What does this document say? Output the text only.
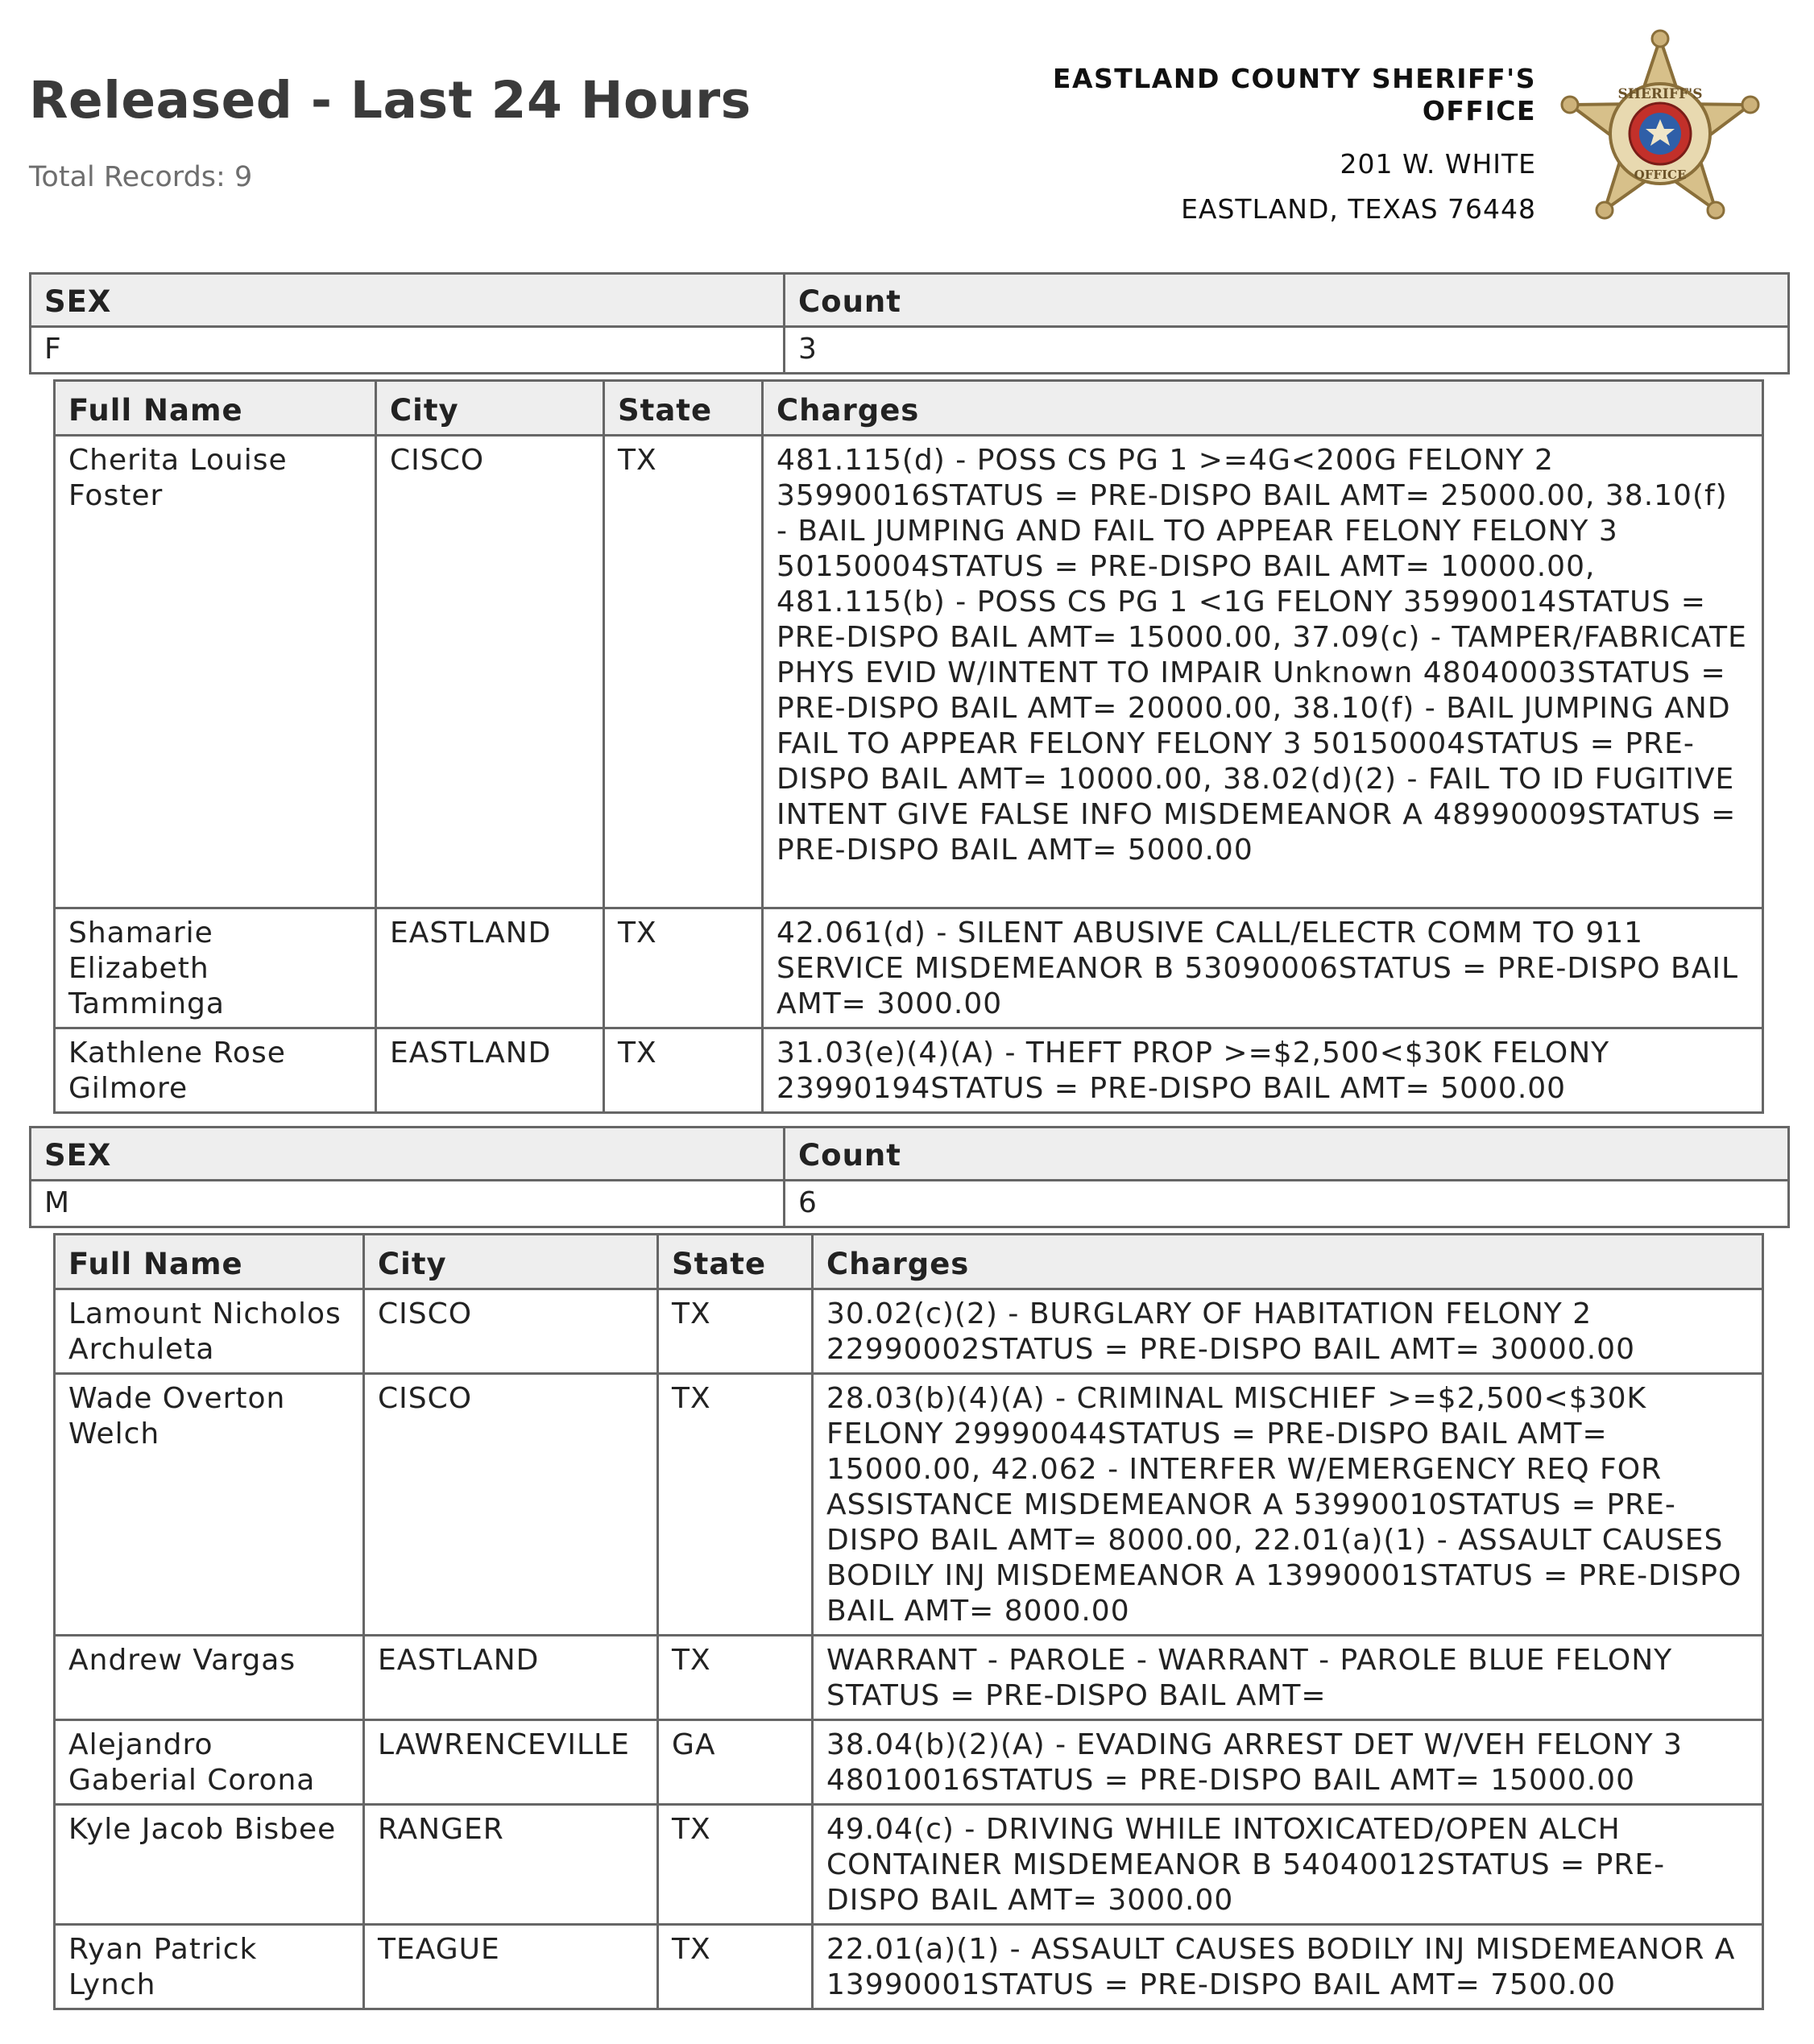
Released - Last 24 Hours
Total Records: 9
EASTLAND COUNTY SHERIFF'S
OFFICE
201 W. WHITE
EASTLAND, TEXAS 76448
SHERIFF'S
OFFICE
SEX	Count
F	3
Full Name	City	State	Charges
Cherita Louise Foster	CISCO	TX	481.115(d) - POSS CS PG 1 >=4G<200G FELONY 2 35990016STATUS = PRE-DISPO BAIL AMT= 25000.00, 38.10(f) - BAIL JUMPING AND FAIL TO APPEAR FELONY FELONY 3 50150004STATUS = PRE-DISPO BAIL AMT= 10000.00, 481.115(b) - POSS CS PG 1 <1G FELONY 35990014STATUS = PRE-DISPO BAIL AMT= 15000.00, 37.09(c) - TAMPER/FABRICATE PHYS EVID W/INTENT TO IMPAIR Unknown 48040003STATUS = PRE-DISPO BAIL AMT= 20000.00, 38.10(f) - BAIL JUMPING AND FAIL TO APPEAR FELONY FELONY 3 50150004STATUS = PRE-DISPO BAIL AMT= 10000.00, 38.02(d)(2) - FAIL TO ID FUGITIVE INTENT GIVE FALSE INFO MISDEMEANOR A 48990009STATUS = PRE-DISPO BAIL AMT= 5000.00
Shamarie Elizabeth Tamminga	EASTLAND	TX	42.061(d) - SILENT ABUSIVE CALL/ELECTR COMM TO 911 SERVICE MISDEMEANOR B 53090006STATUS = PRE-DISPO BAIL AMT= 3000.00
Kathlene Rose Gilmore	EASTLAND	TX	31.03(e)(4)(A) - THEFT PROP >=$2,500<$30K FELONY 23990194STATUS = PRE-DISPO BAIL AMT= 5000.00
SEX	Count
M	6
Full Name	City	State	Charges
Lamount Nicholos Archuleta	CISCO	TX	30.02(c)(2) - BURGLARY OF HABITATION FELONY 2 22990002STATUS = PRE-DISPO BAIL AMT= 30000.00
Wade Overton Welch	CISCO	TX	28.03(b)(4)(A) - CRIMINAL MISCHIEF >=$2,500<$30K FELONY 29990044STATUS = PRE-DISPO BAIL AMT= 15000.00, 42.062 - INTERFER W/EMERGENCY REQ FOR ASSISTANCE MISDEMEANOR A 53990010STATUS = PRE-DISPO BAIL AMT= 8000.00, 22.01(a)(1) - ASSAULT CAUSES BODILY INJ MISDEMEANOR A 13990001STATUS = PRE-DISPO BAIL AMT= 8000.00
Andrew Vargas	EASTLAND	TX	WARRANT - PAROLE - WARRANT - PAROLE BLUE FELONY STATUS = PRE-DISPO BAIL AMT=
Alejandro Gaberial Corona	LAWRENCEVILLE	GA	38.04(b)(2)(A) - EVADING ARREST DET W/VEH FELONY 3 48010016STATUS = PRE-DISPO BAIL AMT= 15000.00
Kyle Jacob Bisbee	RANGER	TX	49.04(c) - DRIVING WHILE INTOXICATED/OPEN ALCH CONTAINER MISDEMEANOR B 54040012STATUS = PRE-DISPO BAIL AMT= 3000.00
Ryan Patrick Lynch	TEAGUE	TX	22.01(a)(1) - ASSAULT CAUSES BODILY INJ MISDEMEANOR A 13990001STATUS = PRE-DISPO BAIL AMT= 7500.00
